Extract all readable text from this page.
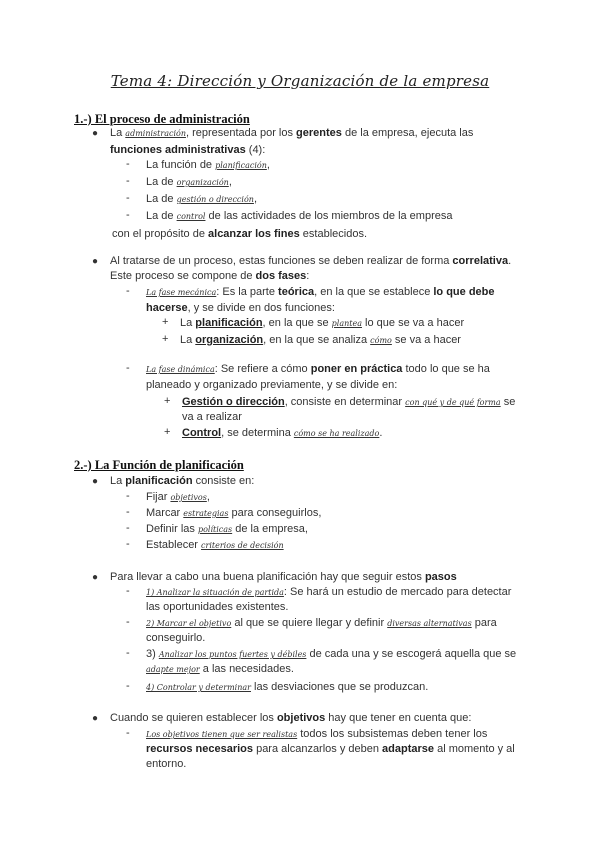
Tema 4: Dirección y Organización de la empresa
1.-) El proceso de administración
● La administración, representada por los gerentes de la empresa, ejecuta las
funciones administrativas (4):
- La función de planificación,
- La de organización,
- La de gestión o dirección,
- La de control de las actividades de los miembros de la empresa
con el propósito de alcanzar los fines establecidos.
● Al tratarse de un proceso, estas funciones se deben realizar de forma correlativa.
Este proceso se compone de dos fases:
- La fase mecánica: Es la parte teórica, en la que se establece lo que debe
hacerse, y se divide en dos funciones:
+ La planificación, en la que se plantea lo que se va a hacer
+ La organización, en la que se analiza cómo se va a hacer
- La fase dinámica: Se refiere a cómo poner en práctica todo lo que se ha
planeado y organizado previamente, y se divide en:
+ Gestión o dirección, consiste en determinar con qué y de qué forma se
va a realizar
+ Control, se determina cómo se ha realizado.
2.-) La Función de planificación
● La planificación consiste en:
- Fijar objetivos,
- Marcar estrategias para conseguirlos,
- Definir las políticas de la empresa,
- Establecer criterios de decisión
● Para llevar a cabo una buena planificación hay que seguir estos pasos
- 1) Analizar la situación de partida: Se hará un estudio de mercado para detectar
las oportunidades existentes.
- 2) Marcar el objetivo al que se quiere llegar y definir diversas alternativas para
conseguirlo.
- 3) Analizar los puntos fuertes y débiles de cada una y se escogerá aquella que se
adapte mejor a las necesidades.
- 4) Controlar y determinar las desviaciones que se produzcan.
● Cuando se quieren establecer los objetivos hay que tener en cuenta que:
- Los objetivos tienen que ser realistas todos los subsistemas deben tener los
recursos necesarios para alcanzarlos y deben adaptarse al momento y al
entorno.
